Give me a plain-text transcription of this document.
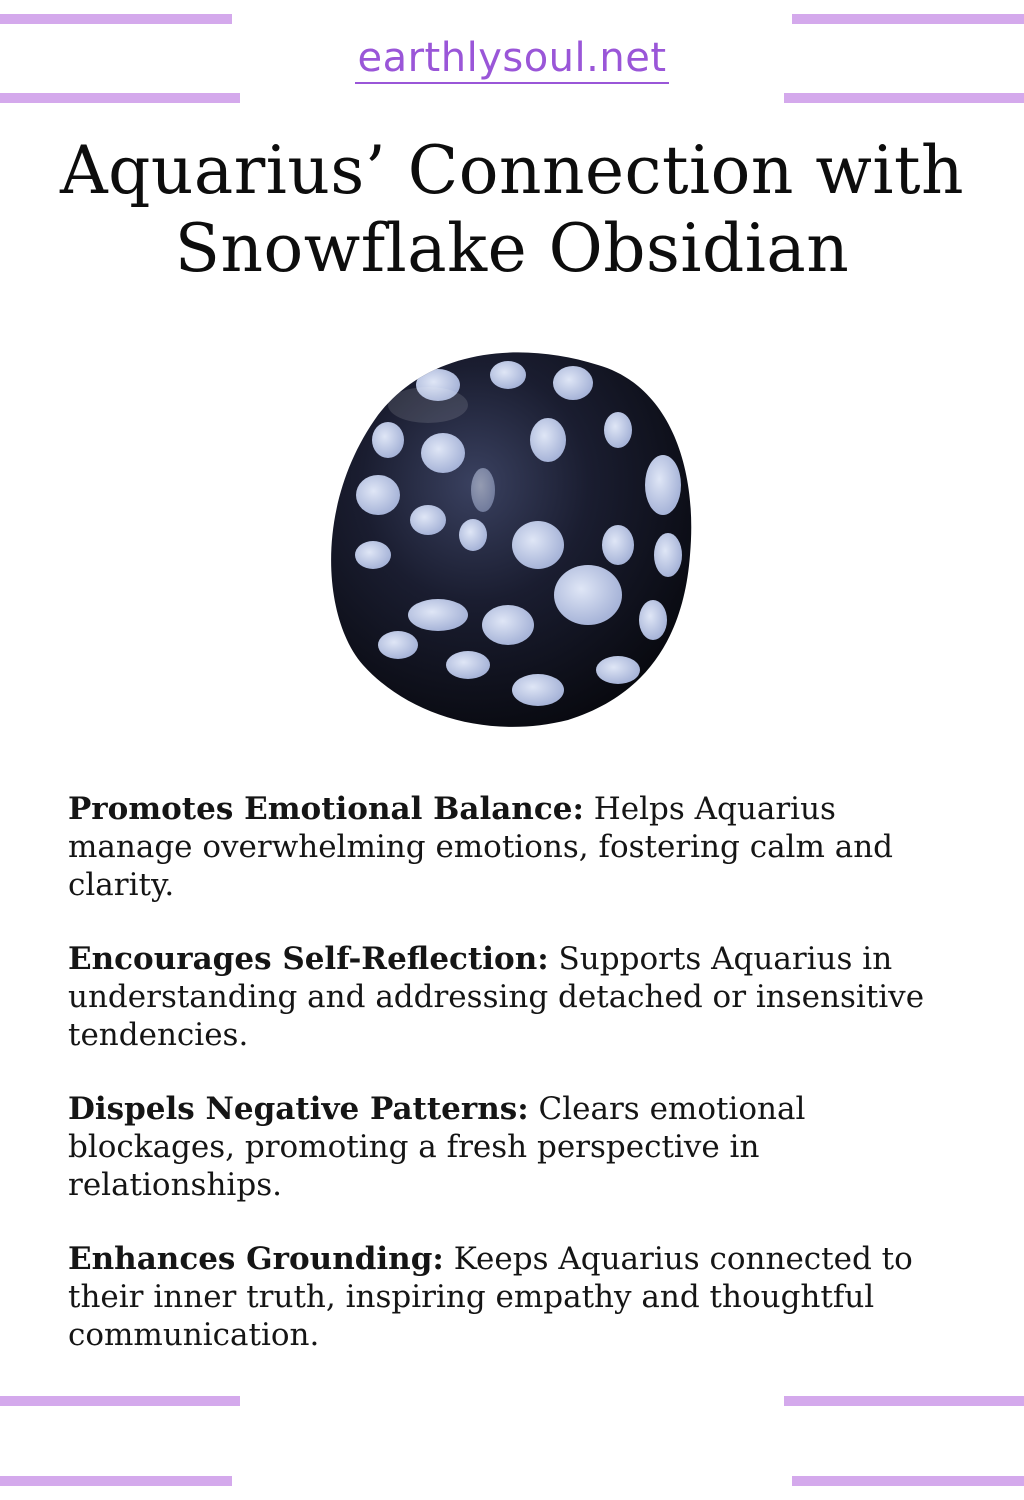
earthlysoul.net
Aquarius’ Connection with
Snowflake Obsidian

Promotes Emotional Balance: Helps Aquarius manage overwhelming emotions, fostering calm and clarity.

Encourages Self-Reflection: Supports Aquarius in understanding and addressing detached or insensitive tendencies.

Dispels Negative Patterns: Clears emotional blockages, promoting a fresh perspective in relationships.

Enhances Grounding: Keeps Aquarius connected to their inner truth, inspiring empathy and thoughtful communication.
